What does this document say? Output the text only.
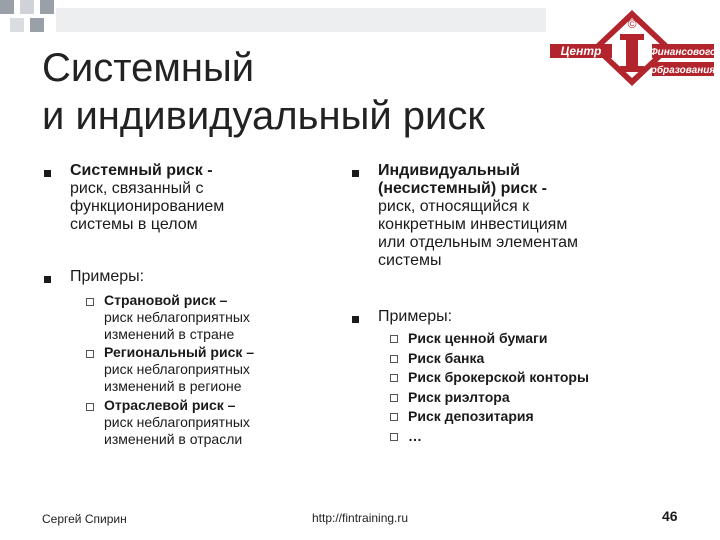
©
Центр	Финансового
образования
Системный
и индивидуальный риск
Системный риск -
риск, связанный с
функционированием
системы в целом
Примеры:
Страновой риск –
риск неблагоприятных
изменений в стране
Региональный риск –
риск неблагоприятных
изменений в регионе
Отраслевой риск –
риск неблагоприятных
изменений в отрасли
Индивидуальный
(несистемный) риск -
риск, относящийся к
конкретным инвестициям
или отдельным элементам
системы
Примеры:
Риск ценной бумаги
Риск банка
Риск брокерской конторы
Риск риэлтора
Риск депозитария
…
Сергей Спирин	http://fintraining.ru	46
